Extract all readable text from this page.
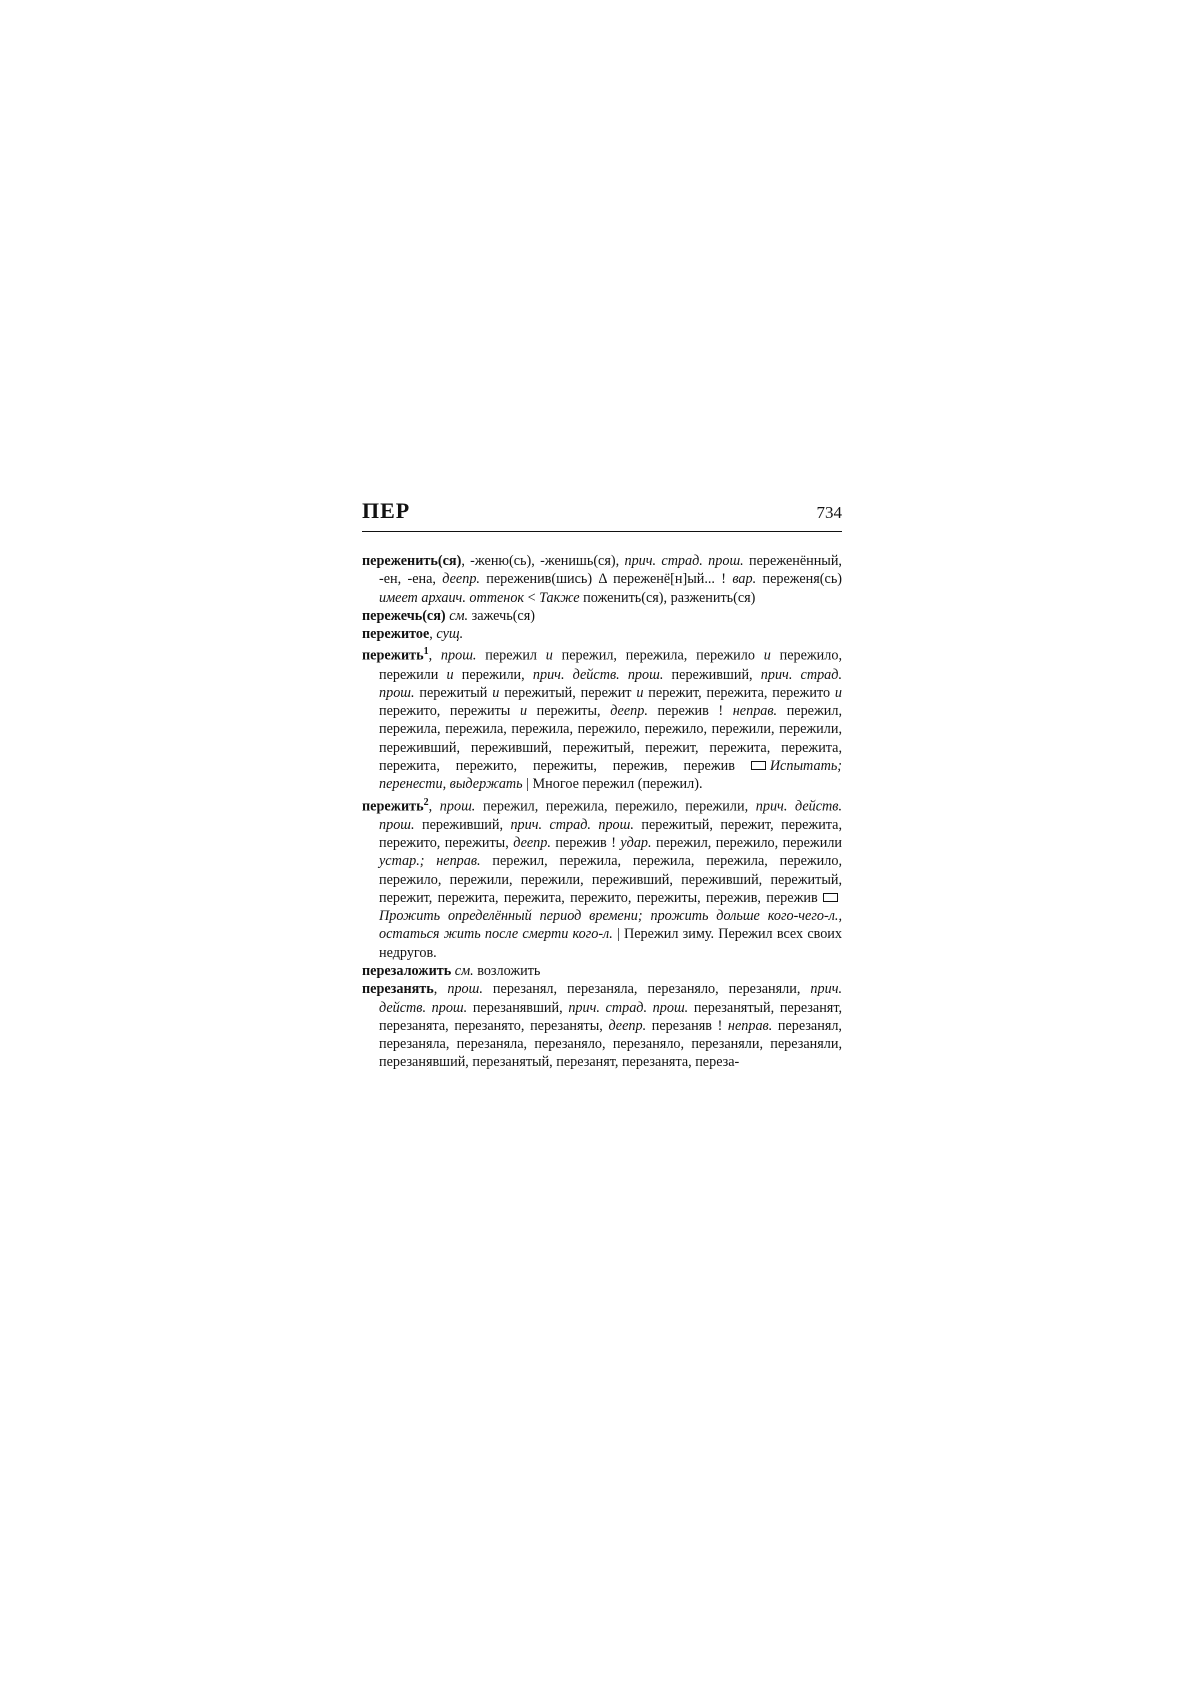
ПЕР	734
переженить(ся), -женю(сь), -женишь(ся), прич. страд. прош. переженённый, -ен, -ена, деепр. переженив(шись) Δ переженё[н]ый... ! вар. переженя(сь) имеет архаич. оттенок < Также поженить(ся), разженить(ся)
пережечь(ся) см. зажечь(ся)
пережитое, сущ.
пережить$^1$, прош. пережил и пережил, пережила, пережило и пережило, пережили и пережили, прич. действ. прош. переживший, прич. страд. прош. пережитый и пережитый, пережит и пережит, пережита, пережито и пережито, пережиты и пережиты, деепр. пережив ! неправ. пережил, пережила, пережила, пережила, пережило, пережило, пережили, пережили, переживший, переживший, пережитый, пережит, пережита, пережита, пережита, пережито, пережиты, пережив, пережив Испытать; перенести, выдержать | Многое пережил (пережил).
пережить$^2$, прош. пережил, пережила, пережило, пережили, прич. действ. прош. переживший, прич. страд. прош. пережитый, пережит, пережита, пережито, пережиты, деепр. пережив ! удар. пережил, пережило, пережили устар.; неправ. пережил, пережила, пережила, пережила, пережило, пережило, пережили, пережили, переживший, переживший, пережитый, пережит, пережита, пережита, пережито, пережиты, пережив, пережив Прожить определённый период времени; прожить дольше кого-чего-л., остаться жить после смерти кого-л. | Пережил зиму. Пережил всех своих недругов.
перезаложить см. возложить
перезанять, прош. перезанял, перезаняла, перезаняло, перезаняли, прич. действ. прош. перезанявший, прич. страд. прош. перезанятый, перезанят, перезанята, перезанято, перезаняты, деепр. перезаняв ! неправ. перезанял, перезаняла, перезаняла, перезаняло, перезаняло, перезаняли, перезаняли, перезанявший, перезанятый, перезанят, перезанята, переза-
